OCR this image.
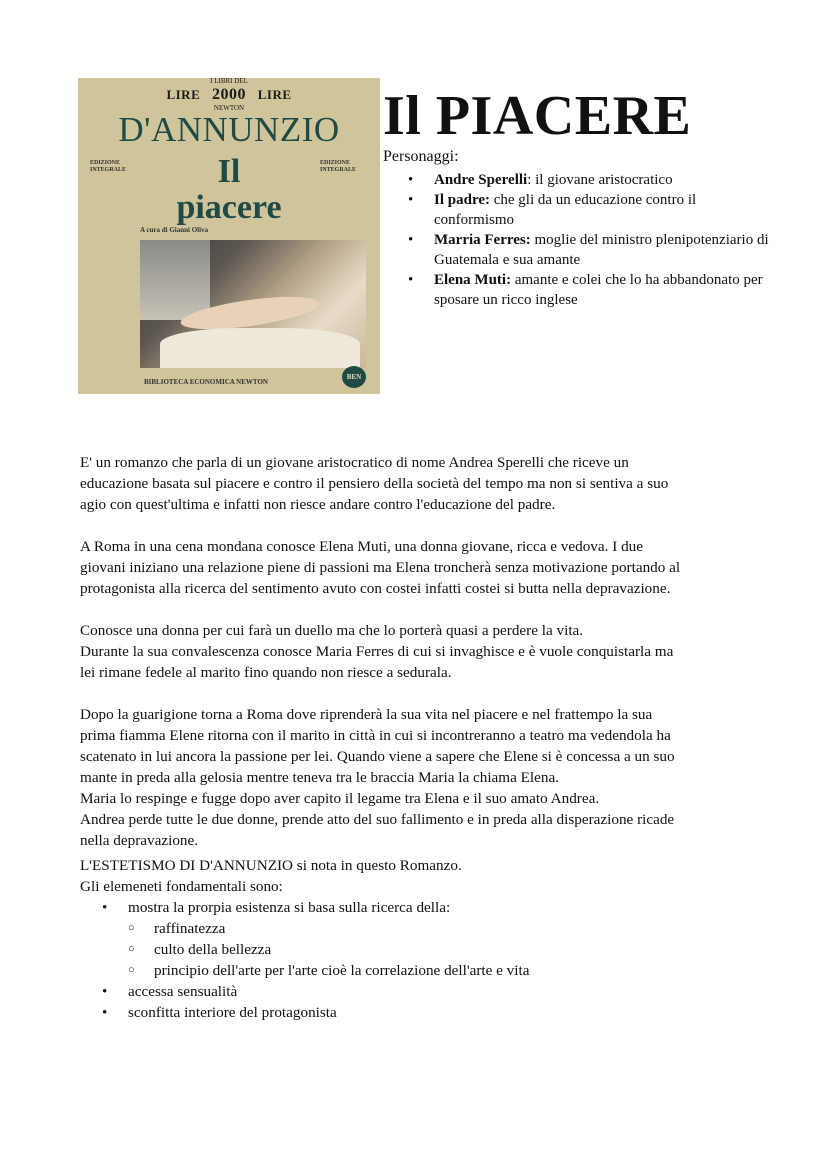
LIRE
I LIBRI DEL
2000
NEWTON
LIRE
D'ANNUNZIO
EDIZIONE INTEGRALE
EDIZIONE INTEGRALE
Il
piacere
A cura di Gianni Oliva
BIBLIOTECA ECONOMICA NEWTON
BEN
Il PIACERE
Personaggi:
• Andre Sperelli: il giovane aristocratico
• Il padre: che gli da un educazione contro il conformismo
• Marria Ferres: moglie del ministro plenipotenziario di Guatemala e sua amante
• Elena Muti: amante e colei che lo ha abbandonato per sposare un ricco inglese

E' un romanzo che parla di un giovane aristocratico di nome Andrea Sperelli che riceve un
educazione basata sul piacere e contro il pensiero della società del tempo ma non si sentiva a suo
agio con quest'ultima e infatti non riesce andare contro l'educazione del padre.

A Roma in una cena mondana conosce Elena Muti, una donna giovane, ricca e vedova. I due
giovani iniziano una relazione piene di passioni ma Elena troncherà senza motivazione portando al
protagonista alla ricerca del sentimento avuto con costei infatti costei si butta nella depravazione.

Conosce una donna per cui farà un duello ma che lo porterà quasi a perdere la vita.
Durante la sua convalescenza conosce Maria Ferres di cui si invaghisce e è vuole conquistarla ma
lei rimane fedele al marito fino quando non riesce a sedurala.

Dopo la guarigione torna a Roma dove riprenderà la sua vita nel piacere e nel frattempo la sua
prima fiamma Elene ritorna con il marito in città in cui si incontreranno a teatro ma vedendola ha
scatenato in lui ancora la passione per lei. Quando viene a sapere che Elene si è concessa a un suo
mante in preda alla gelosia mentre teneva tra le braccia Maria la chiama Elena.
Maria lo respinge e fugge dopo aver capito il legame tra Elena e il suo amato Andrea.
Andrea perde tutte le due donne, prende atto del suo fallimento e in preda alla disperazione ricade
nella depravazione.

L'ESTETISMO DI D'ANNUNZIO si nota in questo Romanzo.
Gli elemeneti fondamentali sono:
• mostra la prorpia esistenza si basa sulla ricerca della:
○ raffinatezza
○ culto della bellezza
○ principio dell'arte per l'arte cioè la correlazione dell'arte e vita
• accessa sensualità
• sconfitta interiore del protagonista
